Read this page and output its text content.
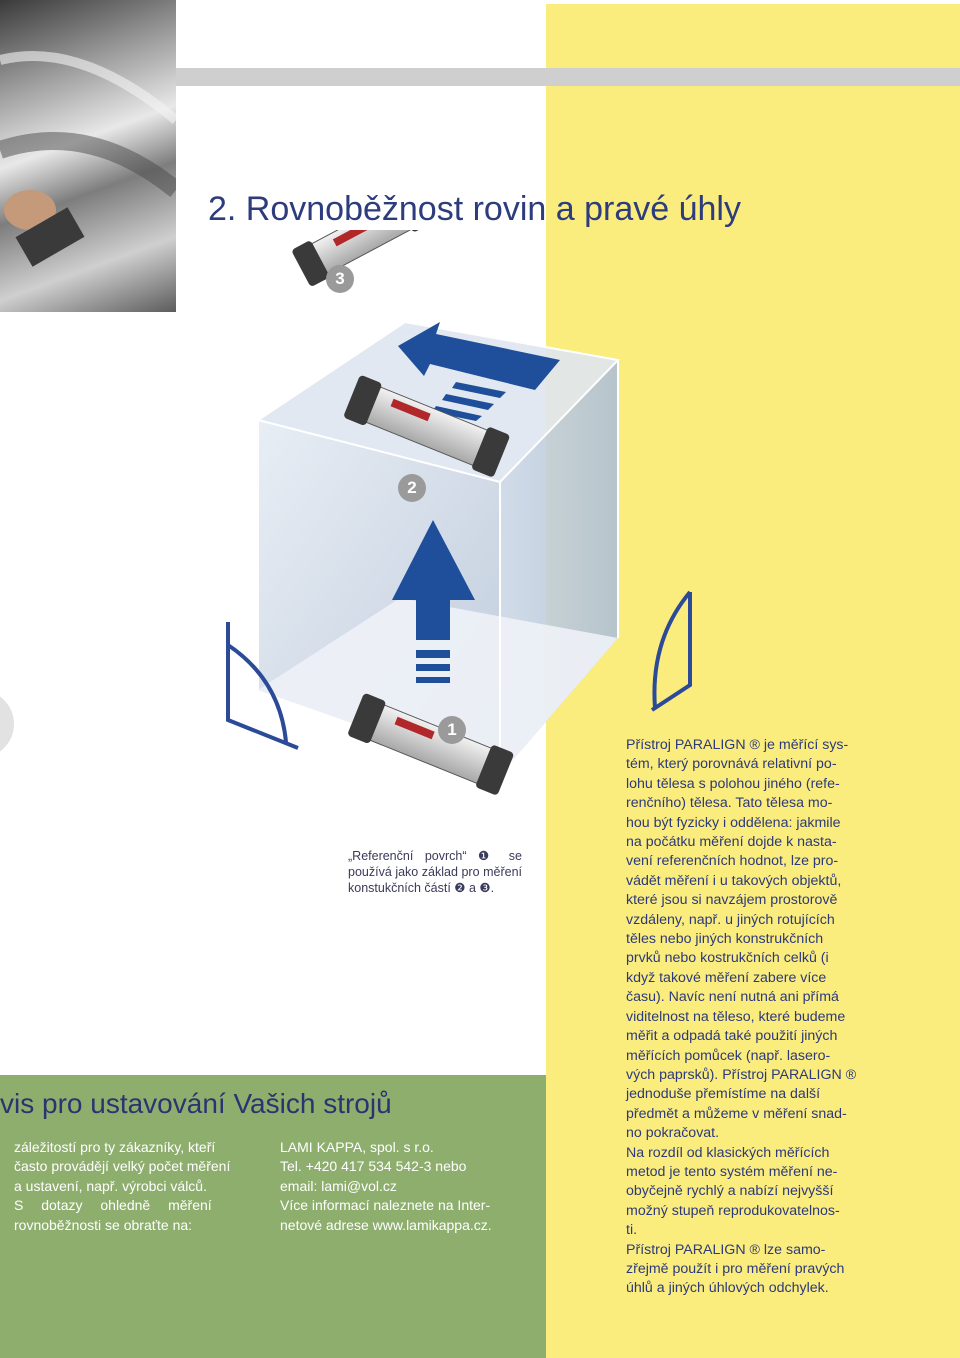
2. Rovnoběžnost rovin a pravé úhly
3
2
1
„Referenční povrch“ ❶ se používá jako základ pro měření konstukčních částí ❷ a ❸.
Přístroj PARALIGN ® je měřící sys-
tém, který porovnává relativní po-
lohu tělesa s polohou jiného (refe-
renčního) tělesa. Tato tělesa mo-
hou být fyzicky i oddělena: jakmile
na počátku měření dojde k nasta-
vení referenčních hodnot, lze pro-
vádět měření i u takových objektů,
které jsou si navzájem prostorově
vzdáleny, např. u jiných rotujících
těles nebo jiných konstrukčních
prvků nebo kostrukčních celků (i
když takové měření zabere více
času). Navíc není nutná ani přímá
viditelnost na těleso, které budeme
měřit a odpadá také použití jiných
měřících pomůcek (např. lasero-
vých paprsků). Přístroj PARALIGN ®
jednoduše přemístíme na další
předmět a můžeme v měření snad-
no pokračovat.
Na rozdíl od klasických měřících
metod je tento systém měření ne-
obyčejně rychlý a nabízí nejvyšší
možný stupeň reprodukovatelnos-
ti.
Přístroj PARALIGN ® lze samo-
zřejmě použít i pro měření pravých
úhlů a jiných úhlových odchylek.
vis pro ustavování Vašich strojů
záležitostí pro ty zákazníky, kteří
často provádějí velký počet měření
a ustavení, např. výrobci válců.
S dotazy ohledně měření
rovnoběžnosti se obraťte na:
LAMI KAPPA, spol. s r.o.
Tel. +420 417 534 542-3 nebo
email: lami@vol.cz
Více informací naleznete na Inter-
netové adrese www.lamikappa.cz.
